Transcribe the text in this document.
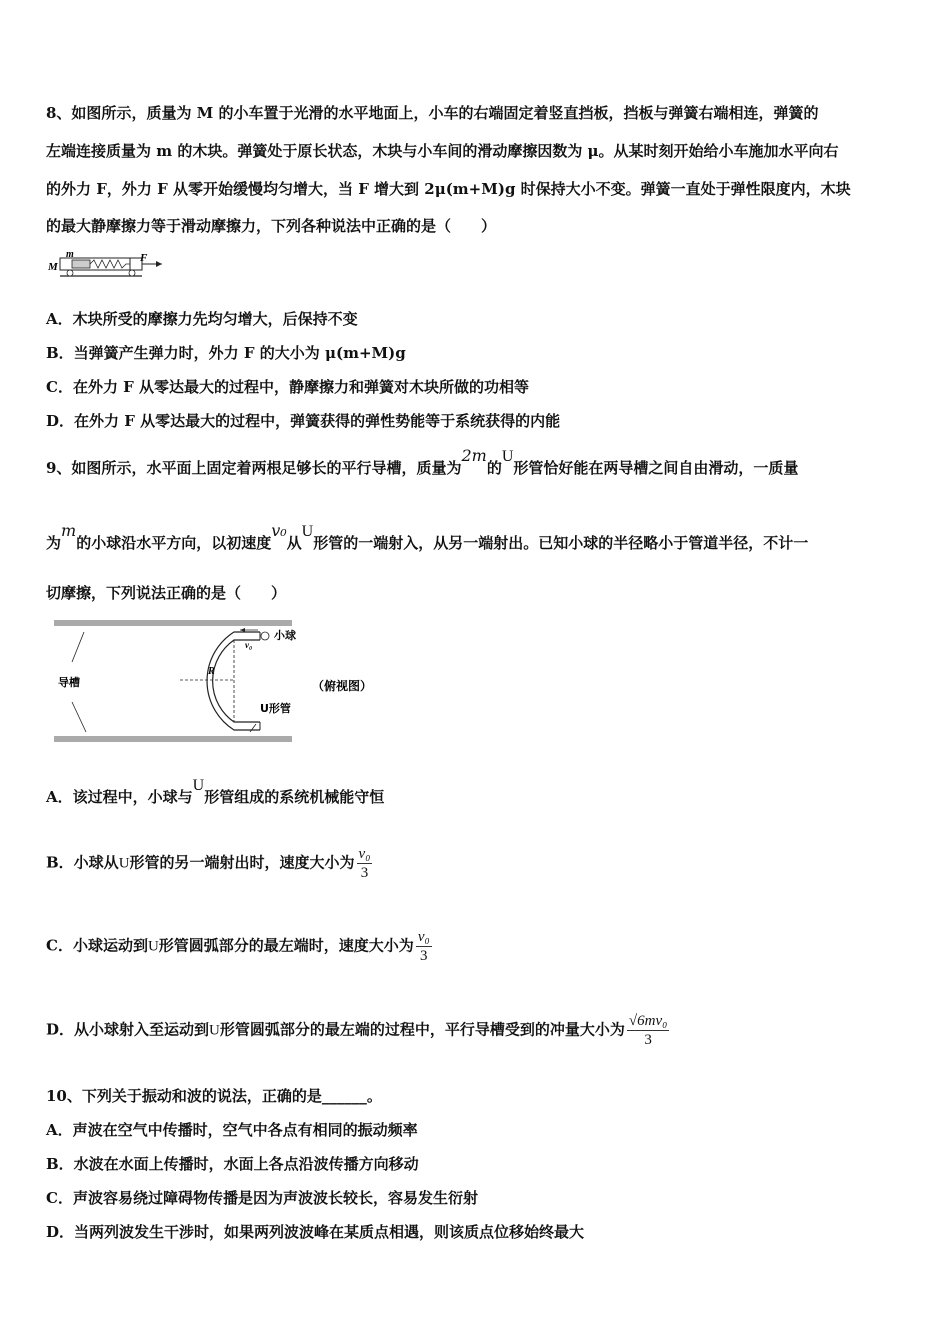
8、如图所示，质量为 M 的小车置于光滑的水平地面上，小车的右端固定着竖直挡板，挡板与弹簧右端相连，弹簧的
左端连接质量为 m 的木块。弹簧处于原长状态，木块与小车间的滑动摩擦因数为 μ。从某时刻开始给小车施加水平向右
的外力 F，外力 F 从零开始缓慢均匀增大，当 F 增大到 2μ(m+M)g 时保持大小不变。弹簧一直处于弹性限度内，木块
的最大静摩擦力等于滑动摩擦力，下列各种说法中正确的是（　　）
M
m	F
A．木块所受的摩擦力先均匀增大，后保持不变
B．当弹簧产生弹力时，外力 F 的大小为 μ(m+M)g
C．在外力 F 从零达最大的过程中，静摩擦力和弹簧对木块所做的功相等
D．在外力 F 从零达最大的过程中，弹簧获得的弹性势能等于系统获得的内能
9、如图所示，水平面上固定着两根足够长的平行导槽，质量为2m的U形管恰好能在两导槽之间自由滑动，一质量
为m的小球沿水平方向，以初速度v₀从U形管的一端射入，从另一端射出。已知小球的半径略小于管道半径，不计一
切摩擦，下列说法正确的是（　　）
小球
v₀
R
导槽
U形管
（俯视图）
A．该过程中，小球与U形管组成的系统机械能守恒
B．小球从U形管的另一端射出时，速度大小为 $\frac{\text{v₀}}{3}$
C．小球运动到U形管圆弧部分的最左端时，速度大小为 $\frac{\text{v₀}}{3}$
D．从小球射入至运动到U形管圆弧部分的最左端的过程中，平行导槽受到的冲量大小为 $\frac{\text{√6mv₀}}{3}$
10、下列关于振动和波的说法，正确的是______。
A．声波在空气中传播时，空气中各点有相同的振动频率
B．水波在水面上传播时，水面上各点沿波传播方向移动
C．声波容易绕过障碍物传播是因为声波波长较长，容易发生衍射
D．当两列波发生干涉时，如果两列波波峰在某质点相遇，则该质点位移始终最大
